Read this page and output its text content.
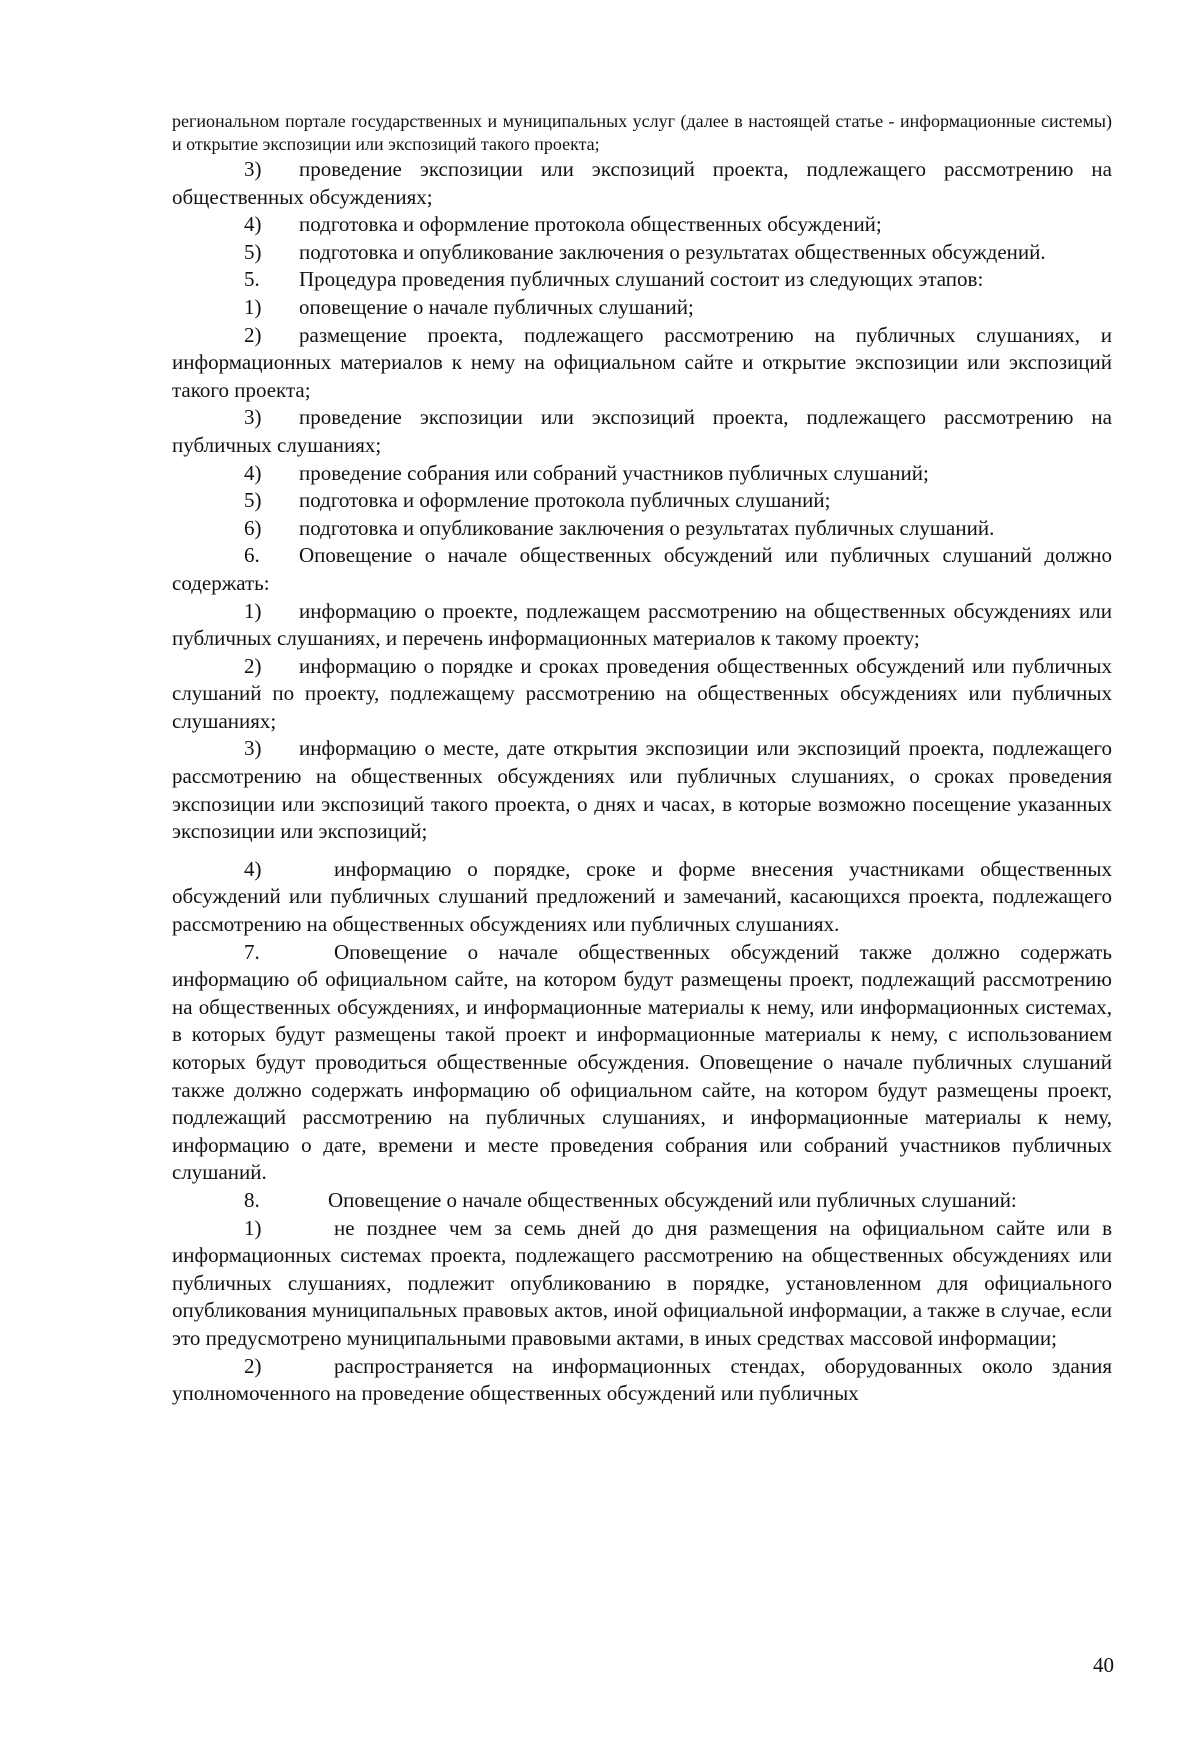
региональном портале государственных и муниципальных услуг (далее в настоящей статье - информационные системы) и открытие экспозиции или экспозиций такого проекта;

3) проведение экспозиции или экспозиций проекта, подлежащего рассмотрению на общественных обсуждениях;

4) подготовка и оформление протокола общественных обсуждений;

5) подготовка и опубликование заключения о результатах общественных обсуждений.

5. Процедура проведения публичных слушаний состоит из следующих этапов:

1) оповещение о начале публичных слушаний;

2) размещение проекта, подлежащего рассмотрению на публичных слушаниях, и информационных материалов к нему на официальном сайте и открытие экспозиции или экспозиций такого проекта;

3) проведение экспозиции или экспозиций проекта, подлежащего рассмотрению на публичных слушаниях;

4) проведение собрания или собраний участников публичных слушаний;

5) подготовка и оформление протокола публичных слушаний;

6) подготовка и опубликование заключения о результатах публичных слушаний.

6. Оповещение о начале общественных обсуждений или публичных слушаний должно содержать:

1) информацию о проекте, подлежащем рассмотрению на общественных обсуждениях или публичных слушаниях, и перечень информационных материалов к такому проекту;

2) информацию о порядке и сроках проведения общественных обсуждений или публичных слушаний по проекту, подлежащему рассмотрению на общественных обсуждениях или публичных слушаниях;

3) информацию о месте, дате открытия экспозиции или экспозиций проекта, подлежащего рассмотрению на общественных обсуждениях или публичных слушаниях, о сроках проведения экспозиции или экспозиций такого проекта, о днях и часах, в которые возможно посещение указанных экспозиции или экспозиций;

4)	информацию о порядке, сроке и форме внесения участниками общественных обсуждений или публичных слушаний предложений и замечаний, касающихся проекта, подлежащего рассмотрению на общественных обсуждениях или публичных слушаниях.

7.	Оповещение о начале общественных обсуждений также должно содержать информацию об официальном сайте, на котором будут размещены проект, подлежащий рассмотрению на общественных обсуждениях, и информационные материалы к нему, или информационных системах, в которых будут размещены такой проект и информационные материалы к нему, с использованием которых будут проводиться общественные обсуждения. Оповещение о начале публичных слушаний также должно содержать информацию об официальном сайте, на котором будут размещены проект, подлежащий рассмотрению на публичных слушаниях, и информационные материалы к нему, информацию о дате, времени и месте проведения собрания или собраний участников публичных слушаний.

8.	Оповещение о начале общественных обсуждений или публичных слушаний:

1)	не позднее чем за семь дней до дня размещения на официальном сайте или в информационных системах проекта, подлежащего рассмотрению на общественных обсуждениях или публичных слушаниях, подлежит опубликованию в порядке, установленном для официального опубликования муниципальных правовых актов, иной официальной информации, а также в случае, если это предусмотрено муниципальными правовыми актами, в иных средствах массовой информации;

2)	распространяется на информационных стендах, оборудованных около здания уполномоченного на проведение общественных обсуждений или публичных

40
